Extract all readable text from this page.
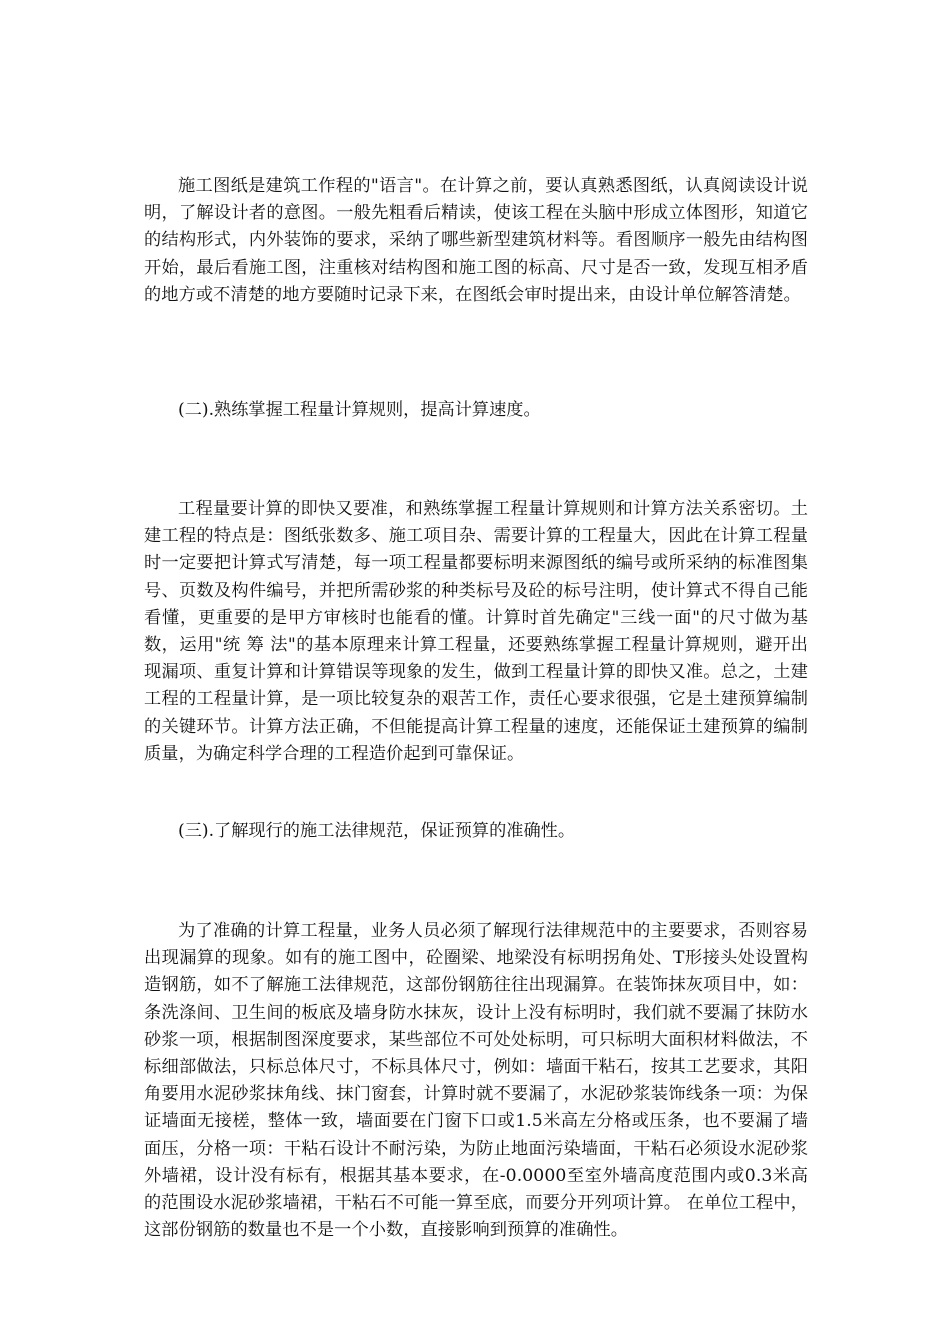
施工图纸是建筑工作程的"语言"。在计算之前，要认真熟悉图纸，认真阅读设计说明，了解设计者的意图。一般先粗看后精读，使该工程在头脑中形成立体图形，知道它的结构形式，内外装饰的要求，采纳了哪些新型建筑材料等。看图顺序一般先由结构图开始，最后看施工图，注重核对结构图和施工图的标高、尺寸是否一致，发现互相矛盾的地方或不清楚的地方要随时记录下来，在图纸会审时提出来，由设计单位解答清楚。

(二).熟练掌握工程量计算规则，提高计算速度。

工程量要计算的即快又要准，和熟练掌握工程量计算规则和计算方法关系密切。土建工程的特点是：图纸张数多、施工项目杂、需要计算的工程量大，因此在计算工程量时一定要把计算式写清楚，每一项工程量都要标明来源图纸的编号或所采纳的标准图集号、页数及构件编号，并把所需砂浆的种类标号及砼的标号注明，使计算式不得自己能看懂，更重要的是甲方审核时也能看的懂。计算时首先确定"三线一面"的尺寸做为基数，运用"统 筹 法"的基本原理来计算工程量，还要熟练掌握工程量计算规则，避开出现漏项、重复计算和计算错误等现象的发生，做到工程量计算的即快又准。总之，土建工程的工程量计算，是一项比较复杂的艰苦工作，责任心要求很强，它是土建预算编制的关键环节。计算方法正确，不但能提高计算工程量的速度，还能保证土建预算的编制质量，为确定科学合理的工程造价起到可靠保证。

(三).了解现行的施工法律规范，保证预算的准确性。

为了准确的计算工程量，业务人员必须了解现行法律规范中的主要要求，否则容易出现漏算的现象。如有的施工图中，砼圈梁、地梁没有标明拐角处、T形接头处设置构造钢筋，如不了解施工法律规范，这部份钢筋往往出现漏算。在装饰抹灰项目中，如：条洗涤间、卫生间的板底及墙身防水抹灰，设计上没有标明时，我们就不要漏了抹防水砂浆一项，根据制图深度要求，某些部位不可处处标明，可只标明大面积材料做法，不标细部做法，只标总体尺寸，不标具体尺寸，例如：墙面干粘石，按其工艺要求，其阳角要用水泥砂浆抹角线、抹门窗套，计算时就不要漏了，水泥砂浆装饰线条一项：为保证墙面无接槎，整体一致，墙面要在门窗下口或1.5米高左分格或压条，也不要漏了墙面压，分格一项：干粘石设计不耐污染，为防止地面污染墙面，干粘石必须设水泥砂浆外墙裙，设计没有标有，根据其基本要求，在-0.0000至室外墙高度范围内或0.3米高的范围设水泥砂浆墙裙，干粘石不可能一算至底，而要分开列项计算。 在单位工程中，这部份钢筋的数量也不是一个小数，直接影响到预算的准确性。
